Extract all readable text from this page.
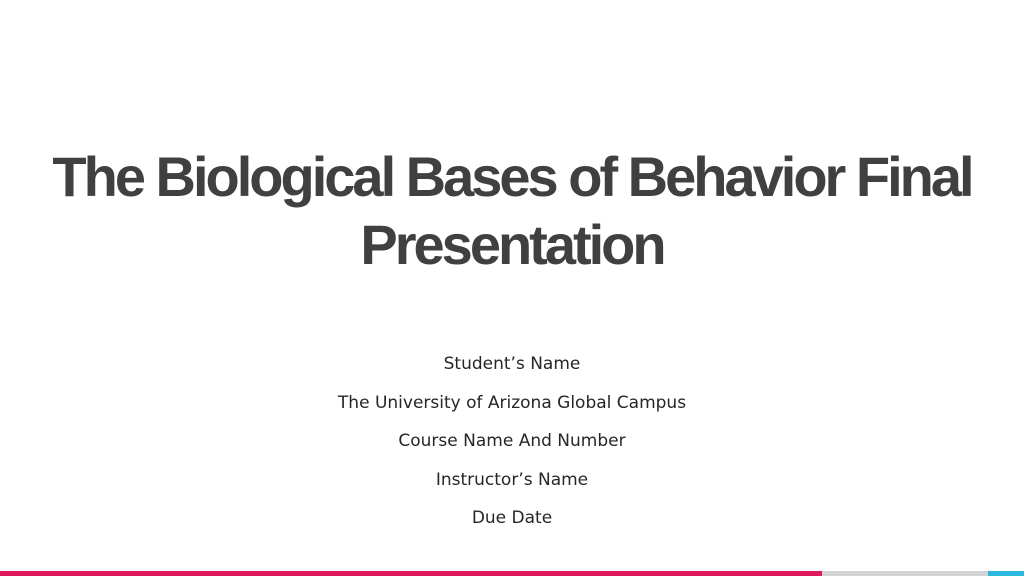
The Biological Bases of Behavior Final
Presentation
Student’s Name
The University of Arizona Global Campus
Course Name And Number
Instructor’s Name
Due Date
